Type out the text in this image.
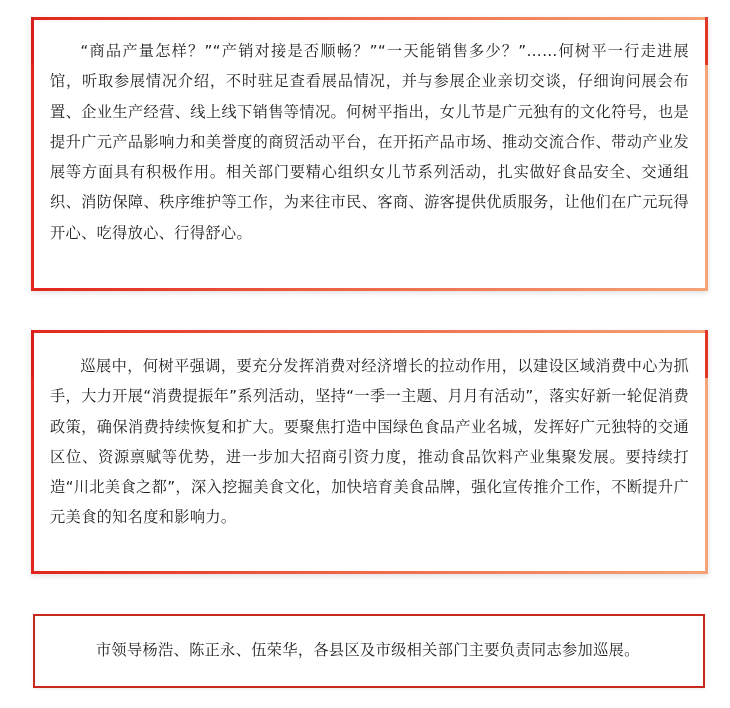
“商品产量怎样？”“产销对接是否顺畅？”“一天能销售多少？”……何树平一行走进展馆，听取参展情况介绍，不时驻足查看展品情况，并与参展企业亲切交谈，仔细询问展会布置、企业生产经营、线上线下销售等情况。何树平指出，女儿节是广元独有的文化符号，也是提升广元产品影响力和美誉度的商贸活动平台，在开拓产品市场、推动交流合作、带动产业发展等方面具有积极作用。相关部门要精心组织女儿节系列活动，扎实做好食品安全、交通组织、消防保障、秩序维护等工作，为来往市民、客商、游客提供优质服务，让他们在广元玩得开心、吃得放心、行得舒心。

巡展中，何树平强调，要充分发挥消费对经济增长的拉动作用，以建设区域消费中心为抓手，大力开展“消费提振年”系列活动，坚持“一季一主题、月月有活动”，落实好新一轮促消费政策，确保消费持续恢复和扩大。要聚焦打造中国绿色食品产业名城，发挥好广元独特的交通区位、资源禀赋等优势，进一步加大招商引资力度，推动食品饮料产业集聚发展。要持续打造“川北美食之都”，深入挖掘美食文化，加快培育美食品牌，强化宣传推介工作，不断提升广元美食的知名度和影响力。

市领导杨浩、陈正永、伍荣华，各县区及市级相关部门主要负责同志参加巡展。
